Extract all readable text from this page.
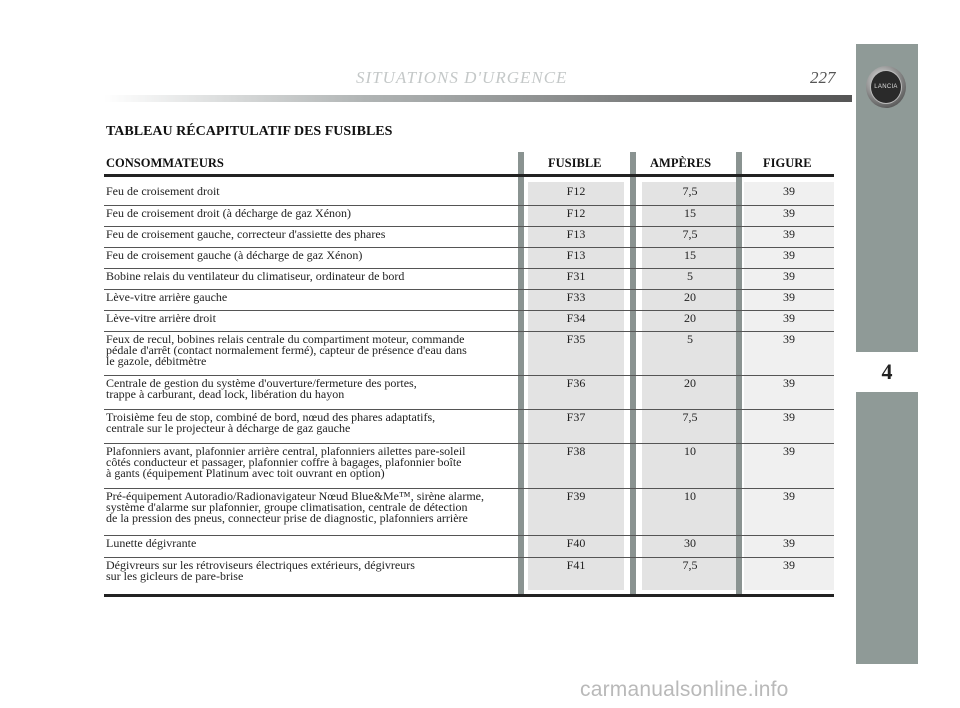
LANCIA
4
SITUATIONS D'URGENCE	227
TABLEAU RÉCAPITULATIF DES FUSIBLES
CONSOMMATEURS	FUSIBLE	AMPÈRES	FIGURE
Feu de croisement droit	F12	7,5	39
Feu de croisement droit (à décharge de gaz Xénon)	F12	15	39
Feu de croisement gauche, correcteur d'assiette des phares	F13	7,5	39
Feu de croisement gauche (à décharge de gaz Xénon)	F13	15	39
Bobine relais du ventilateur du climatiseur, ordinateur de bord	F31	5	39
Lève-vitre arrière gauche	F33	20	39
Lève-vitre arrière droit	F34	20	39
Feux de recul, bobines relais centrale du compartiment moteur, commande
pédale d'arrêt (contact normalement fermé), capteur de présence d'eau dans
le gazole, débitmètre
F35	5	39
Centrale de gestion du système d'ouverture/fermeture des portes,
trappe à carburant, dead lock, libération du hayon
F36	20	39
Troisième feu de stop, combiné de bord, nœud des phares adaptatifs,
centrale sur le projecteur à décharge de gaz gauche
F37	7,5	39
Plafonniers avant, plafonnier arrière central, plafonniers ailettes pare-soleil
côtés conducteur et passager, plafonnier coffre à bagages, plafonnier boîte
à gants (équipement Platinum avec toit ouvrant en option)
F38	10	39
Pré-équipement Autoradio/Radionavigateur Nœud Blue&Me™, sirène alarme,
système d'alarme sur plafonnier, groupe climatisation, centrale de détection
de la pression des pneus, connecteur prise de diagnostic, plafonniers arrière
F39	10	39
Lunette dégivrante	F40	30	39
Dégivreurs sur les rétroviseurs électriques extérieurs, dégivreurs
sur les gicleurs de pare-brise
F41	7,5	39
carmanualsonline.info
